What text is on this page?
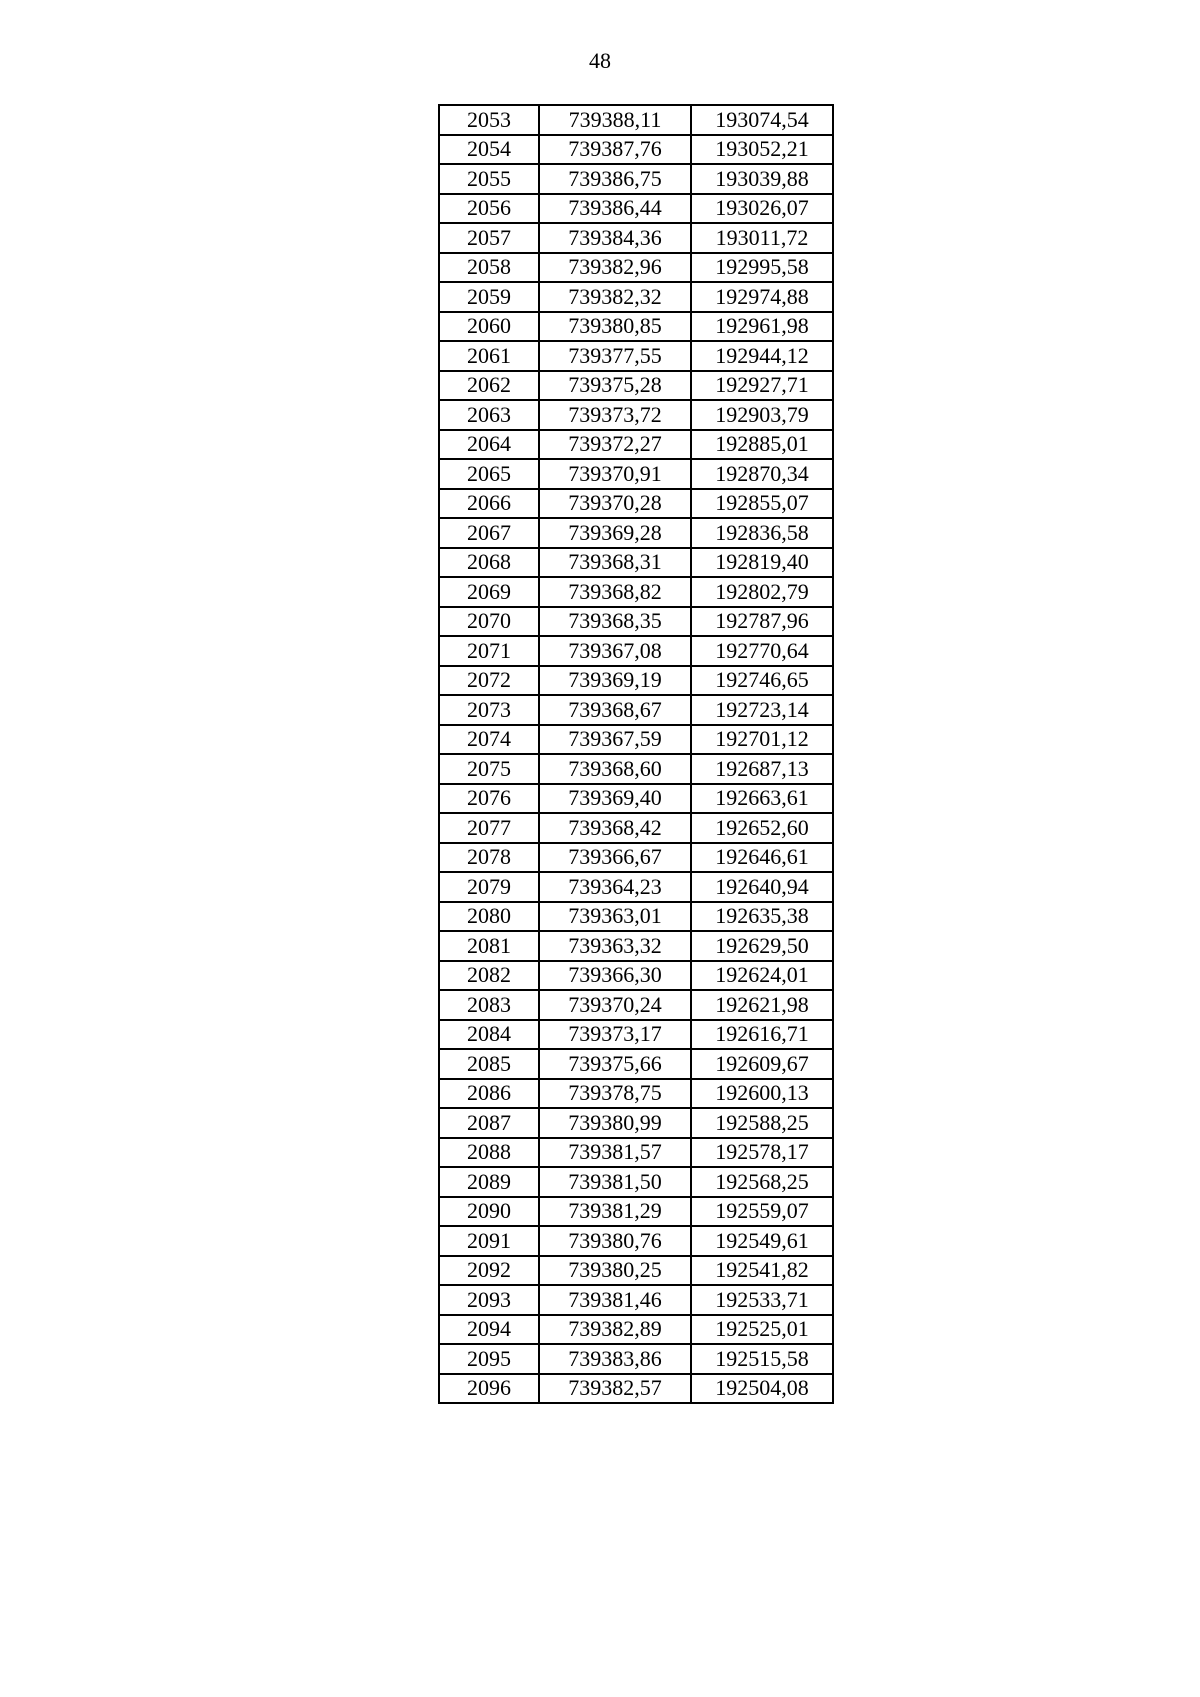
48
2053	739388,11	193074,54
2054	739387,76	193052,21
2055	739386,75	193039,88
2056	739386,44	193026,07
2057	739384,36	193011,72
2058	739382,96	192995,58
2059	739382,32	192974,88
2060	739380,85	192961,98
2061	739377,55	192944,12
2062	739375,28	192927,71
2063	739373,72	192903,79
2064	739372,27	192885,01
2065	739370,91	192870,34
2066	739370,28	192855,07
2067	739369,28	192836,58
2068	739368,31	192819,40
2069	739368,82	192802,79
2070	739368,35	192787,96
2071	739367,08	192770,64
2072	739369,19	192746,65
2073	739368,67	192723,14
2074	739367,59	192701,12
2075	739368,60	192687,13
2076	739369,40	192663,61
2077	739368,42	192652,60
2078	739366,67	192646,61
2079	739364,23	192640,94
2080	739363,01	192635,38
2081	739363,32	192629,50
2082	739366,30	192624,01
2083	739370,24	192621,98
2084	739373,17	192616,71
2085	739375,66	192609,67
2086	739378,75	192600,13
2087	739380,99	192588,25
2088	739381,57	192578,17
2089	739381,50	192568,25
2090	739381,29	192559,07
2091	739380,76	192549,61
2092	739380,25	192541,82
2093	739381,46	192533,71
2094	739382,89	192525,01
2095	739383,86	192515,58
2096	739382,57	192504,08
